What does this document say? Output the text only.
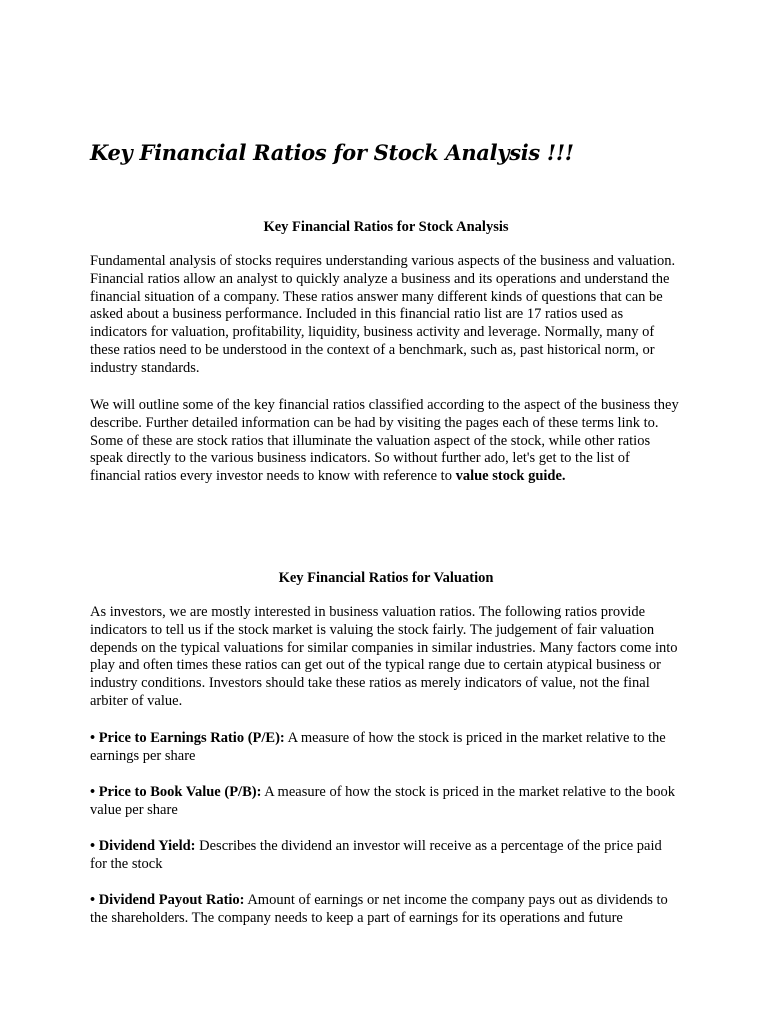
Key Financial Ratios for Stock Analysis !!!
Key Financial Ratios for Stock Analysis

Fundamental analysis of stocks requires understanding various aspects of the business and valuation. Financial ratios allow an analyst to quickly analyze a business and its operations and understand the financial situation of a company. These ratios answer many different kinds of questions that can be asked about a business performance. Included in this financial ratio list are 17 ratios used as indicators for valuation, profitability, liquidity, business activity and leverage. Normally, many of these ratios need to be understood in the context of a benchmark, such as, past historical norm, or industry standards.

We will outline some of the key financial ratios classified according to the aspect of the business they describe. Further detailed information can be had by visiting the pages each of these terms link to. Some of these are stock ratios that illuminate the valuation aspect of the stock, while other ratios speak directly to the various business indicators. So without further ado, let's get to the list of financial ratios every investor needs to know with reference to value stock guide.

Key Financial Ratios for Valuation

As investors, we are mostly interested in business valuation ratios. The following ratios provide indicators to tell us if the stock market is valuing the stock fairly. The judgement of fair valuation depends on the typical valuations for similar companies in similar industries. Many factors come into play and often times these ratios can get out of the typical range due to certain atypical business or industry conditions. Investors should take these ratios as merely indicators of value, not the final arbiter of value.

• Price to Earnings Ratio (P/E): A measure of how the stock is priced in the market relative to the earnings per share

• Price to Book Value (P/B): A measure of how the stock is priced in the market relative to the book value per share

• Dividend Yield: Describes the dividend an investor will receive as a percentage of the price paid for the stock

• Dividend Payout Ratio: Amount of earnings or net income the company pays out as dividends to the shareholders. The company needs to keep a part of earnings for its operations and future
